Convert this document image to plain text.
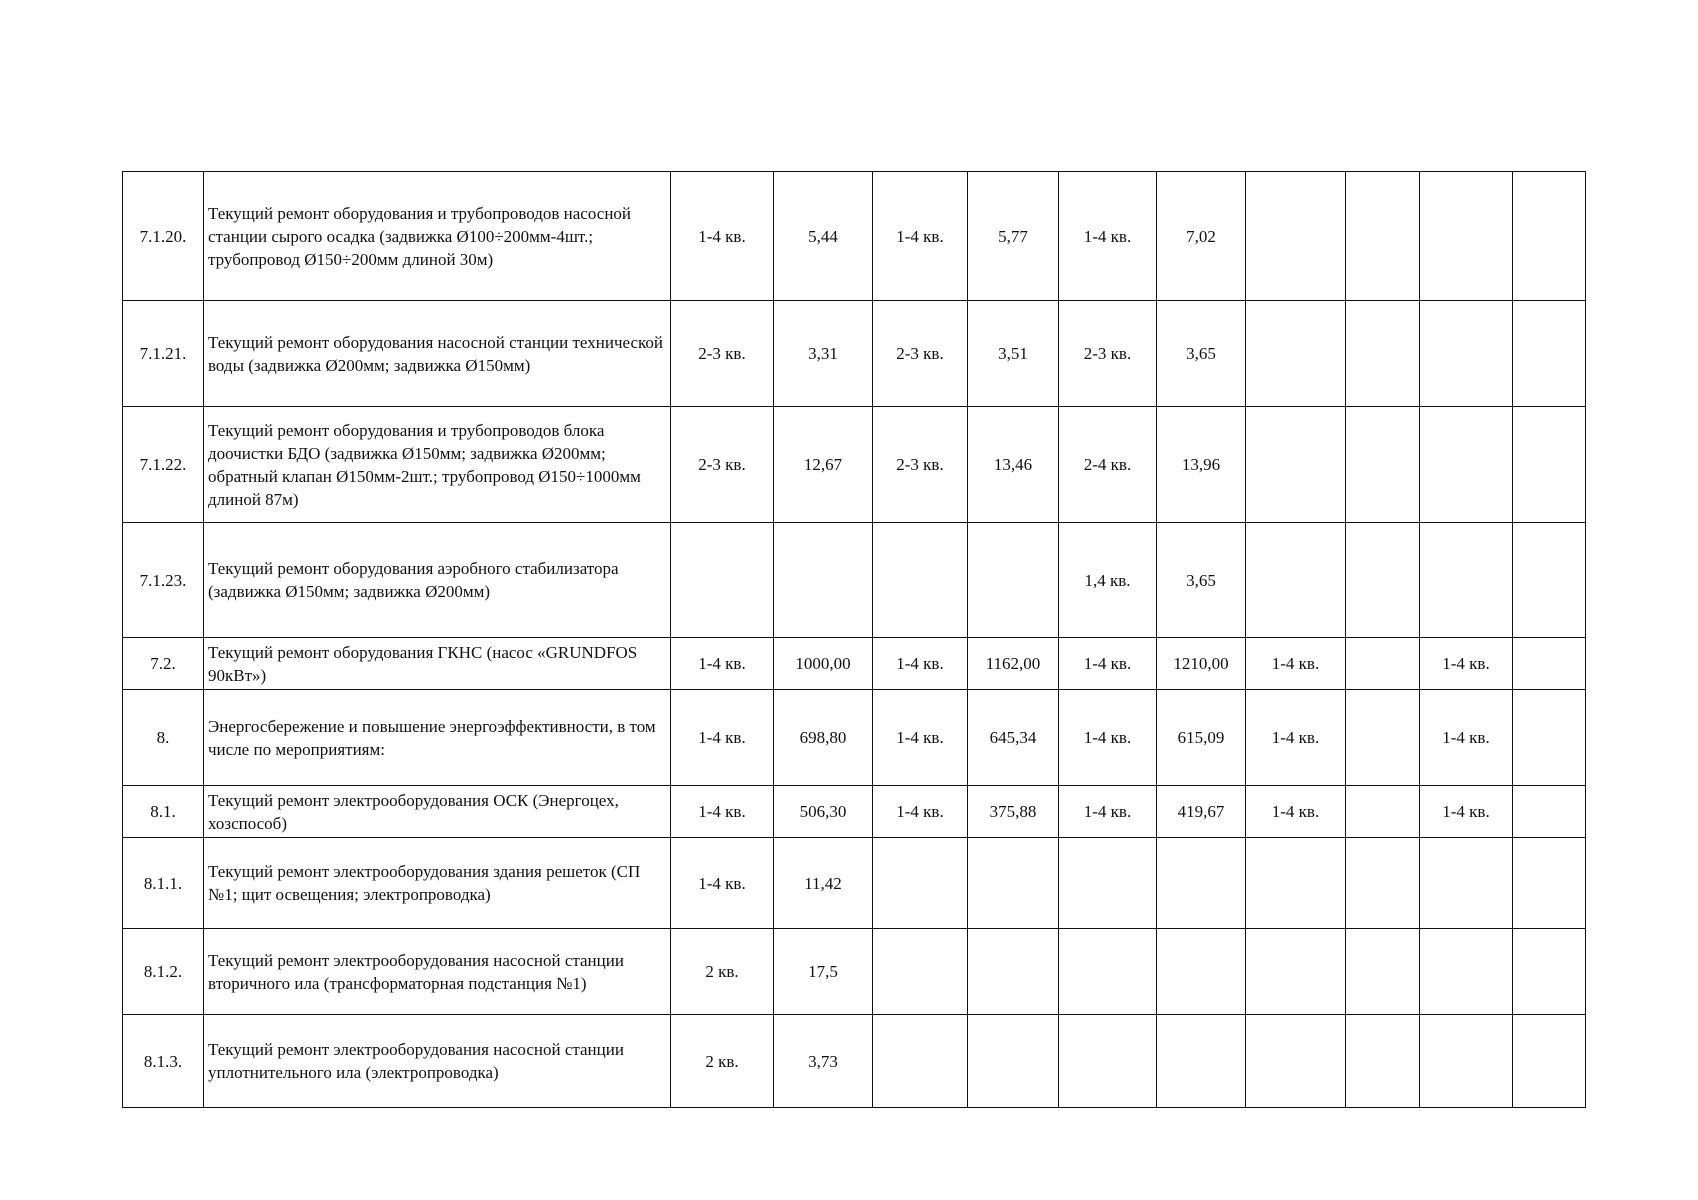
7.1.20.	Текущий ремонт оборудования и трубопроводов насосной станции сырого осадка (задвижка Ø100÷200мм-4шт.; трубопровод Ø150÷200мм длиной 30м)	1-4 кв.	5,44	1-4 кв.	5,77	1-4 кв.	7,02				
7.1.21.	Текущий ремонт оборудования насосной станции технической воды (задвижка Ø200мм; задвижка Ø150мм)	2-3 кв.	3,31	2-3 кв.	3,51	2-3 кв.	3,65				
7.1.22.	Текущий ремонт оборудования и трубопроводов блока доочистки БДО (задвижка Ø150мм; задвижка Ø200мм; обратный клапан Ø150мм-2шт.; трубопровод Ø150÷1000мм длиной 87м)	2-3 кв.	12,67	2-3 кв.	13,46	2-4 кв.	13,96				
7.1.23.	Текущий ремонт оборудования аэробного стабилизатора (задвижка Ø150мм; задвижка Ø200мм)					1,4 кв.	3,65				
7.2.	Текущий ремонт оборудования ГКНС (насос «GRUNDFOS 90кВт»)	1-4 кв.	1000,00	1-4 кв.	1162,00	1-4 кв.	1210,00	1-4 кв.		1-4 кв.	
8.	Энергосбережение и повышение энергоэффективности, в том числе по мероприятиям:	1-4 кв.	698,80	1-4 кв.	645,34	1-4 кв.	615,09	1-4 кв.		1-4 кв.	
8.1.	Текущий ремонт электрооборудования ОСК (Энергоцех, хозспособ)	1-4 кв.	506,30	1-4 кв.	375,88	1-4 кв.	419,67	1-4 кв.		1-4 кв.	
8.1.1.	Текущий ремонт электрооборудования здания решеток (СП №1; щит освещения; электропроводка)	1-4 кв.	11,42								
8.1.2.	Текущий ремонт электрооборудования насосной станции вторичного ила (трансформаторная подстанция №1)	2 кв.	17,5								
8.1.3.	Текущий ремонт электрооборудования насосной станции уплотнительного ила (электропроводка)	2 кв.	3,73								
